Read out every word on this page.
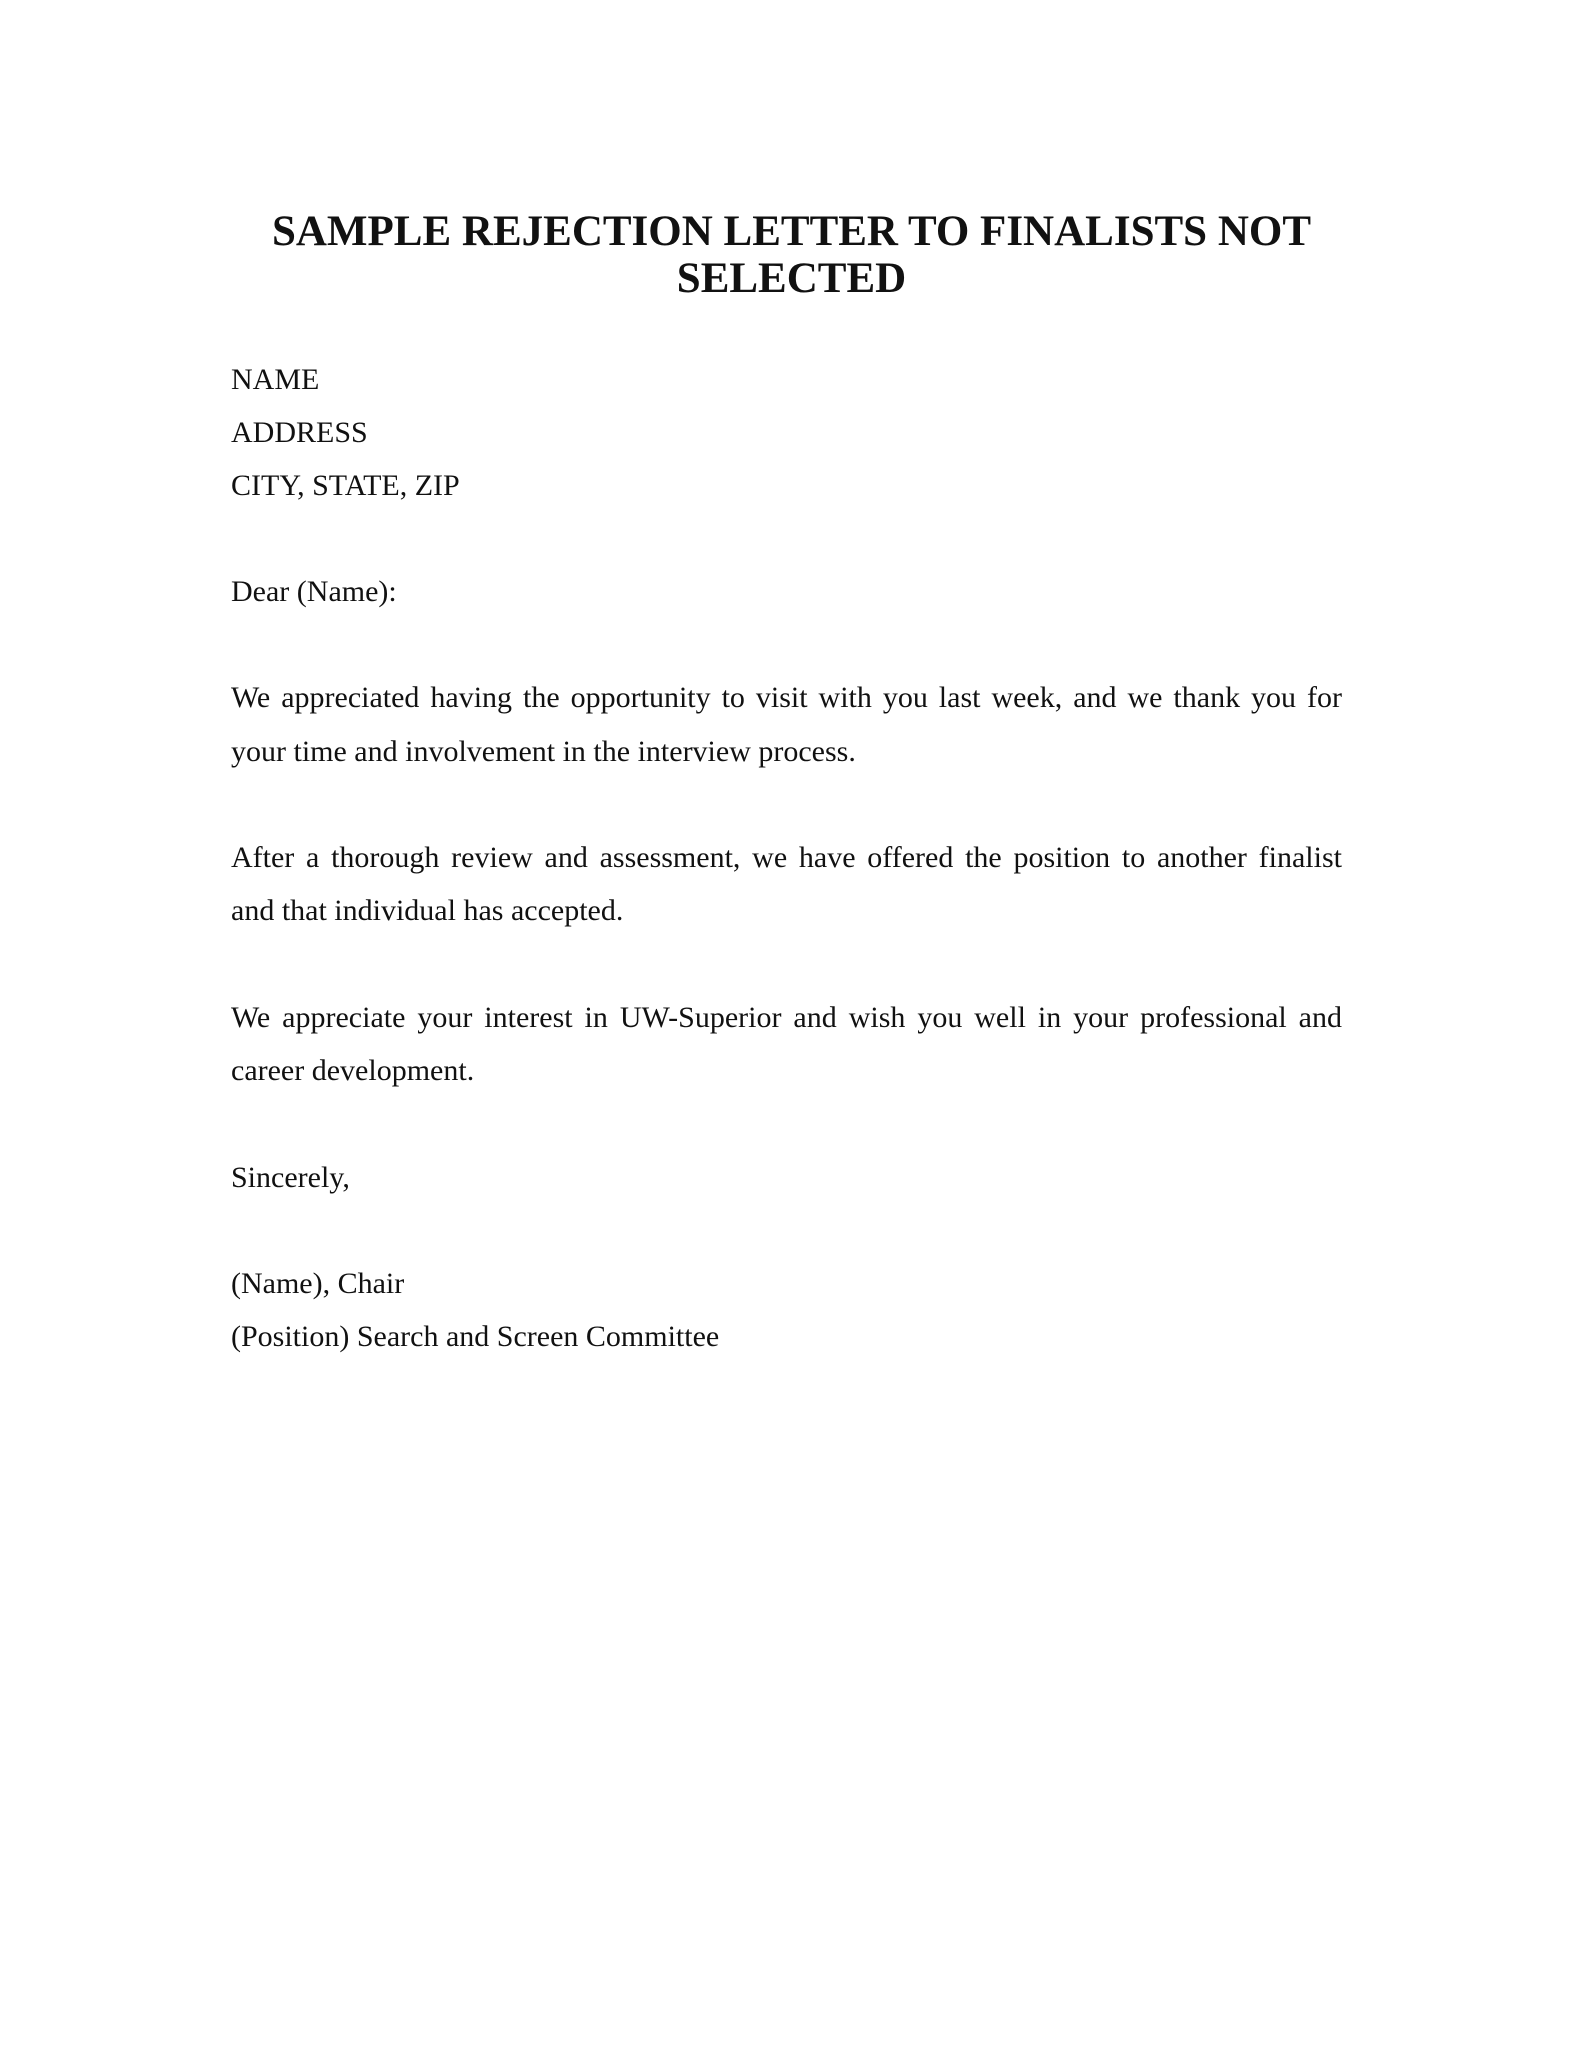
SAMPLE REJECTION LETTER TO FINALISTS NOT
SELECTED

NAME

ADDRESS

CITY, STATE, ZIP

Dear (Name):

We appreciated having the opportunity to visit with you last week, and we thank you for

your time and involvement in the interview process.

After a thorough review and assessment, we have offered the position to another finalist

and that individual has accepted.

We appreciate your interest in UW-Superior and wish you well in your professional and

career development.

Sincerely,

(Name), Chair

(Position) Search and Screen Committee
